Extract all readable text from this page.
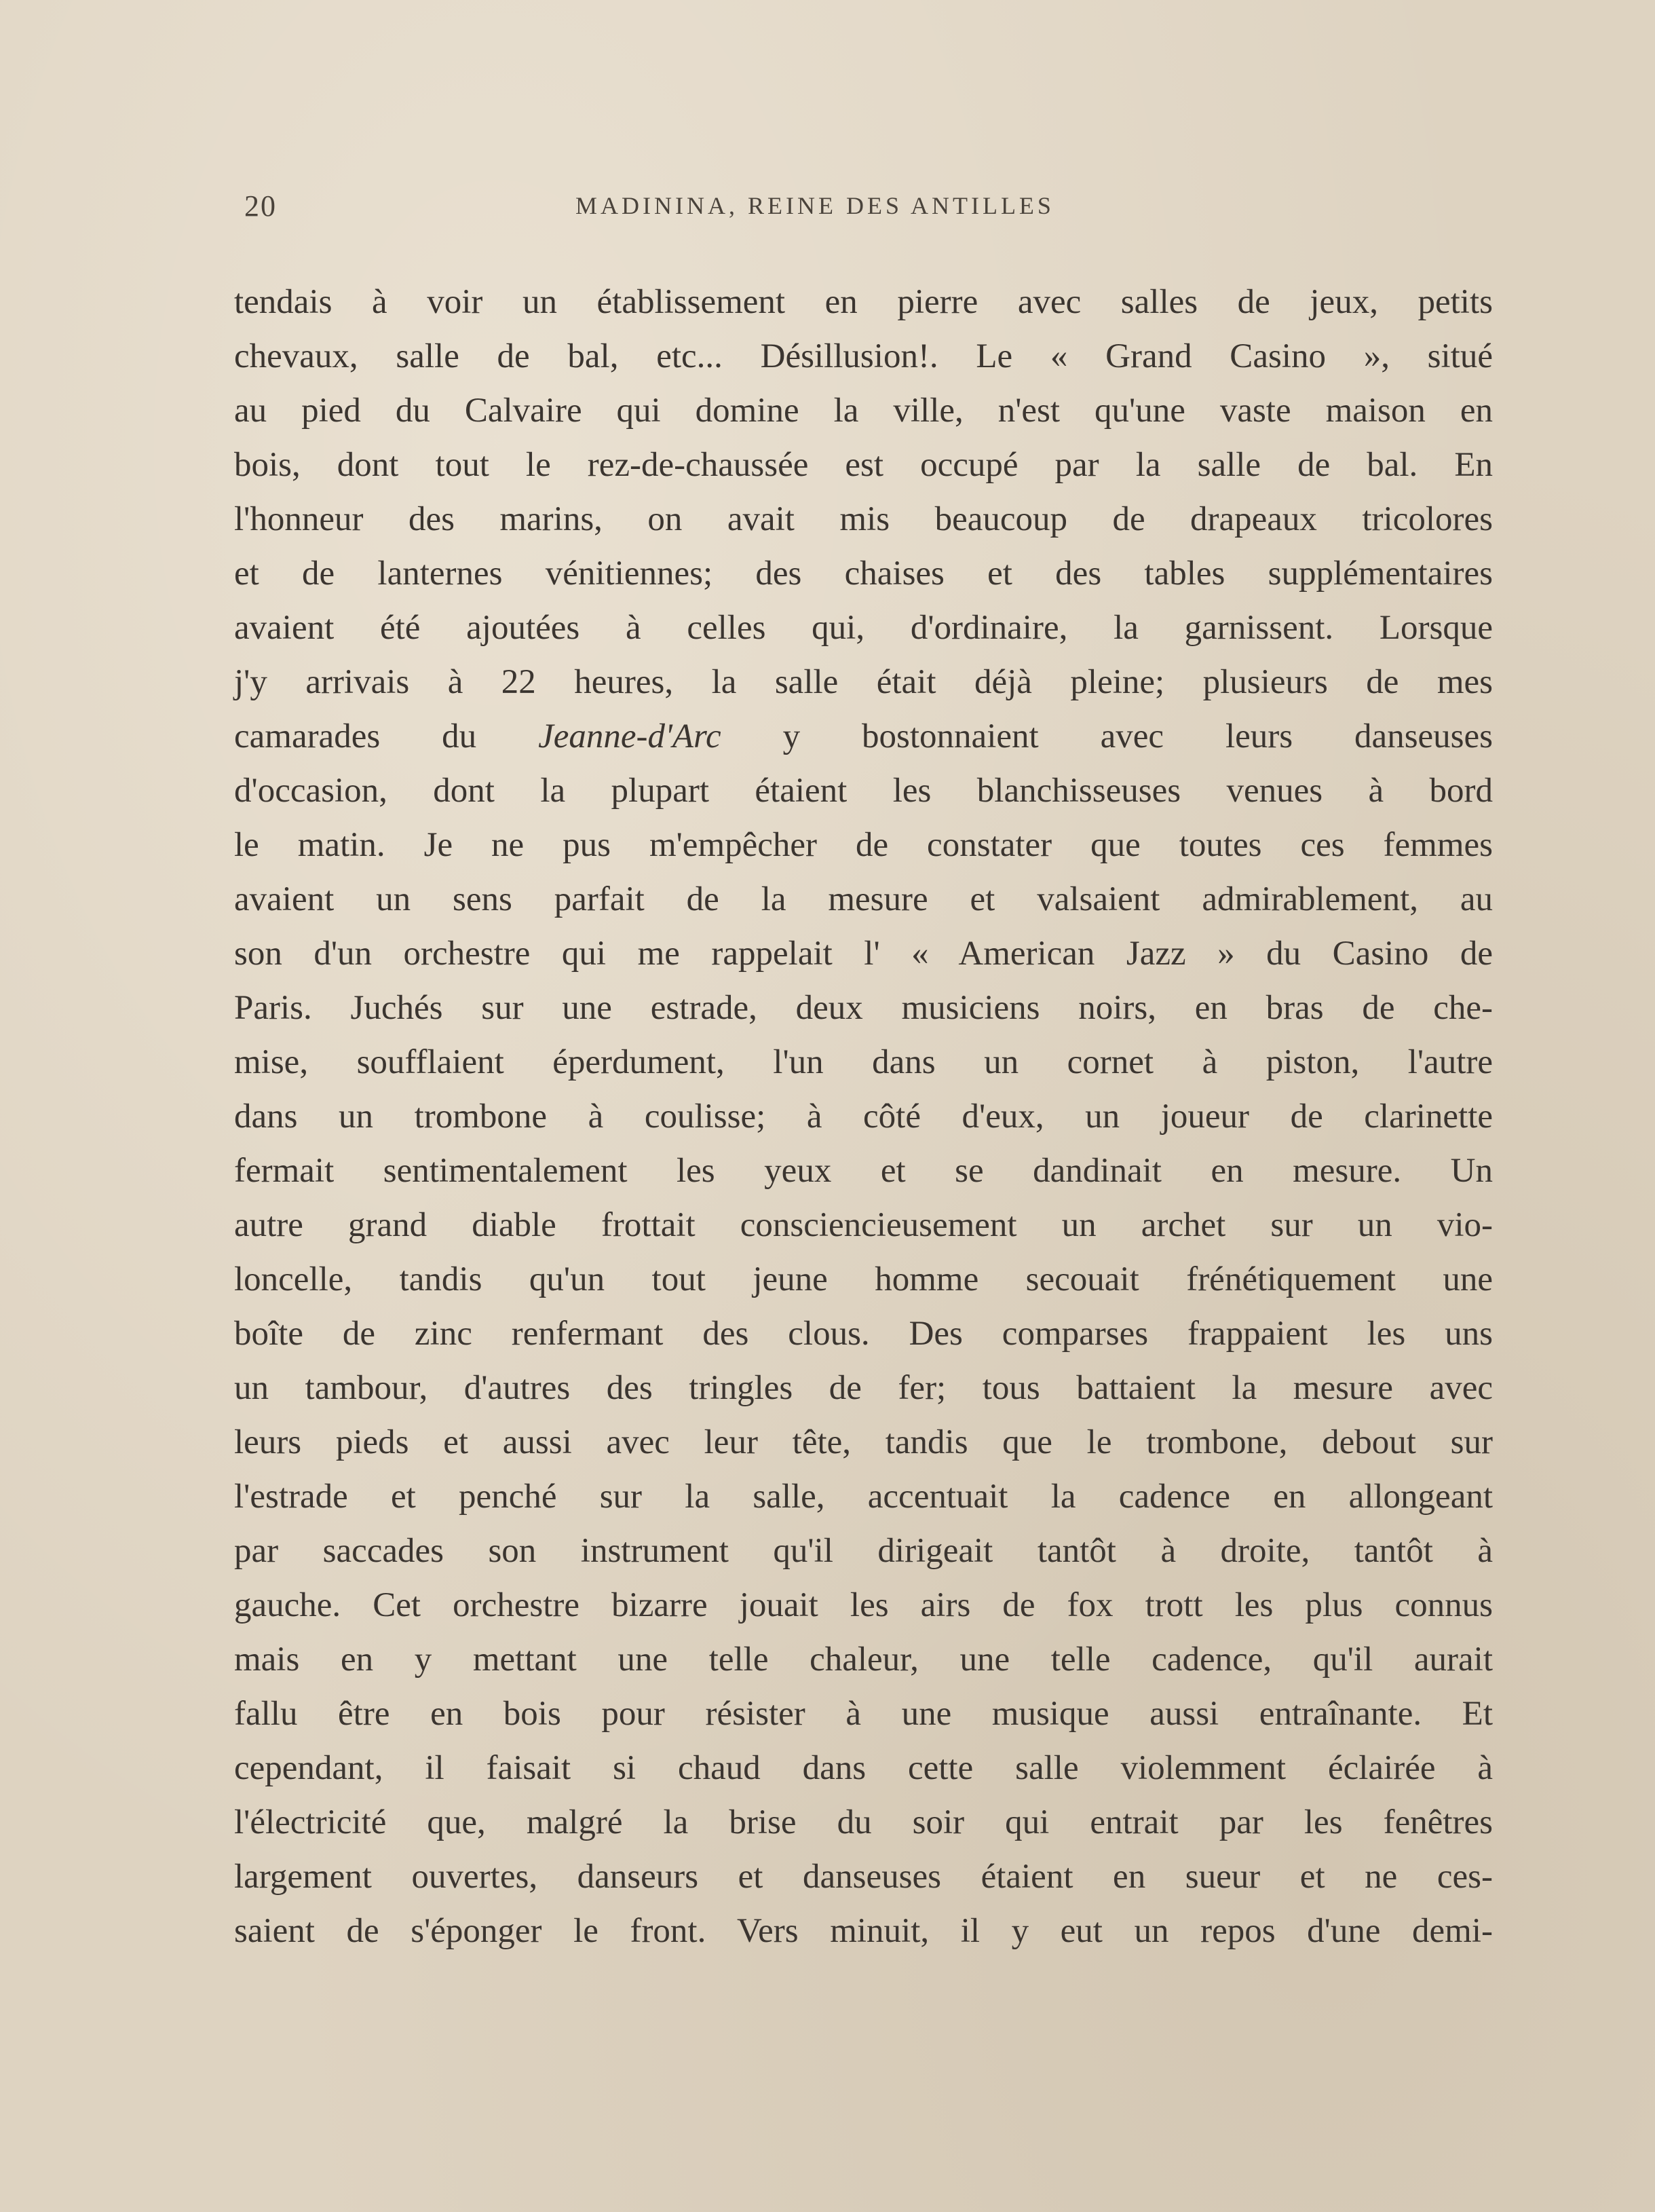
20	MADININA, REINE DES ANTILLES
tendais à voir un établissement en pierre avec salles de jeux, petits
chevaux, salle de bal, etc... Désillusion!. Le « Grand Casino », situé
au pied du Calvaire qui domine la ville, n'est qu'une vaste maison en
bois, dont tout le rez-de-chaussée est occupé par la salle de bal. En
l'honneur des marins, on avait mis beaucoup de drapeaux tricolores
et de lanternes vénitiennes; des chaises et des tables supplémentaires
avaient été ajoutées à celles qui, d'ordinaire, la garnissent. Lorsque
j'y arrivais à 22 heures, la salle était déjà pleine; plusieurs de mes
camarades du Jeanne-d'Arc y bostonnaient avec leurs danseuses
d'occasion, dont la plupart étaient les blanchisseuses venues à bord
le matin. Je ne pus m'empêcher de constater que toutes ces femmes
avaient un sens parfait de la mesure et valsaient admirablement, au
son d'un orchestre qui me rappelait l' « American Jazz » du Casino de
Paris. Juchés sur une estrade, deux musiciens noirs, en bras de che-
mise, soufflaient éperdument, l'un dans un cornet à piston, l'autre
dans un trombone à coulisse; à côté d'eux, un joueur de clarinette
fermait sentimentalement les yeux et se dandinait en mesure. Un
autre grand diable frottait consciencieusement un archet sur un vio-
loncelle, tandis qu'un tout jeune homme secouait frénétiquement une
boîte de zinc renfermant des clous. Des comparses frappaient les uns
un tambour, d'autres des tringles de fer; tous battaient la mesure avec
leurs pieds et aussi avec leur tête, tandis que le trombone, debout sur
l'estrade et penché sur la salle, accentuait la cadence en allongeant
par saccades son instrument qu'il dirigeait tantôt à droite, tantôt à
gauche. Cet orchestre bizarre jouait les airs de fox trott les plus connus
mais en y mettant une telle chaleur, une telle cadence, qu'il aurait
fallu être en bois pour résister à une musique aussi entraînante. Et
cependant, il faisait si chaud dans cette salle violemment éclairée à
l'électricité que, malgré la brise du soir qui entrait par les fenêtres
largement ouvertes, danseurs et danseuses étaient en sueur et ne ces-
saient de s'éponger le front. Vers minuit, il y eut un repos d'une demi-
